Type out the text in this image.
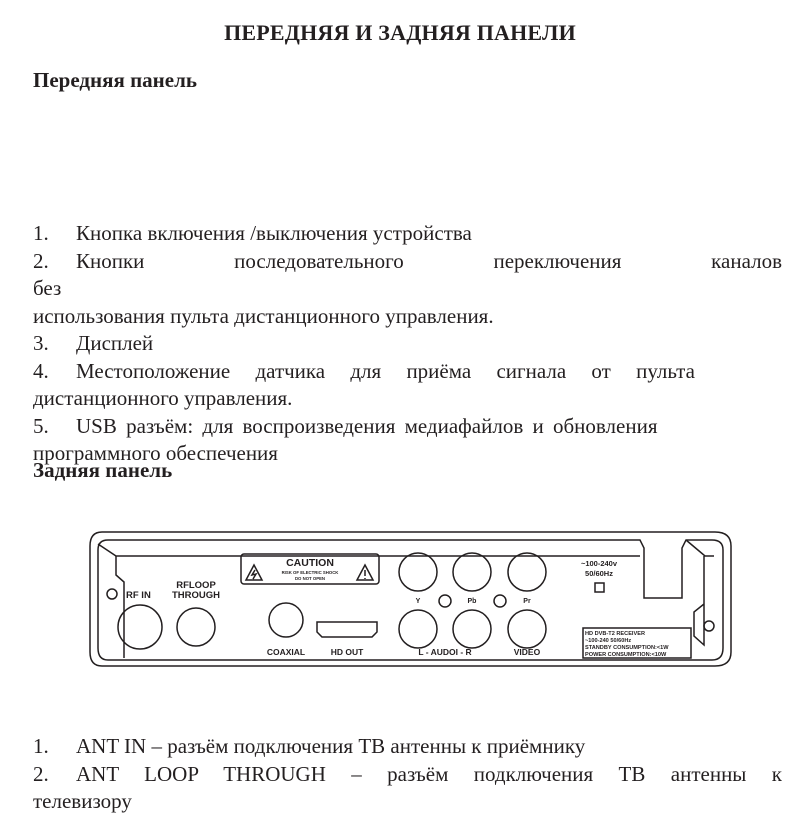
ПЕРЕДНЯЯ И ЗАДНЯЯ ПАНЕЛИ
Передняя панель

1. Кнопка включения /выключения устройства

2. Кнопки последовательного переключения каналов без

использования пульта дистанционного управления.

3. Дисплей

4. Местоположение датчика для приёма сигнала от пульта

дистанционного управления.

5. USB разъём: для воспроизведения медиафайлов и обновления

программного обеспечения

Задняя панель
RF IN
RFLOOP
THROUGH
CAUTION
RISK OF ELECTRIC SHOCK
DO NOT OPEN
COAXIAL	HD OUT
Y	Pb	Pr
L - AUDOI - R	VIDEO
~100-240v
50/60Hz
HD DVB-T2 RECEIVER
~100-240 50/60Hz
STANDBY CONSUMPTION:<1W
POWER CONSUMPTION:<10W

1. ANT IN – разъём подключения ТВ антенны к приёмнику

2. ANT LOOP THROUGH – разъём подключения ТВ антенны к

телевизору
